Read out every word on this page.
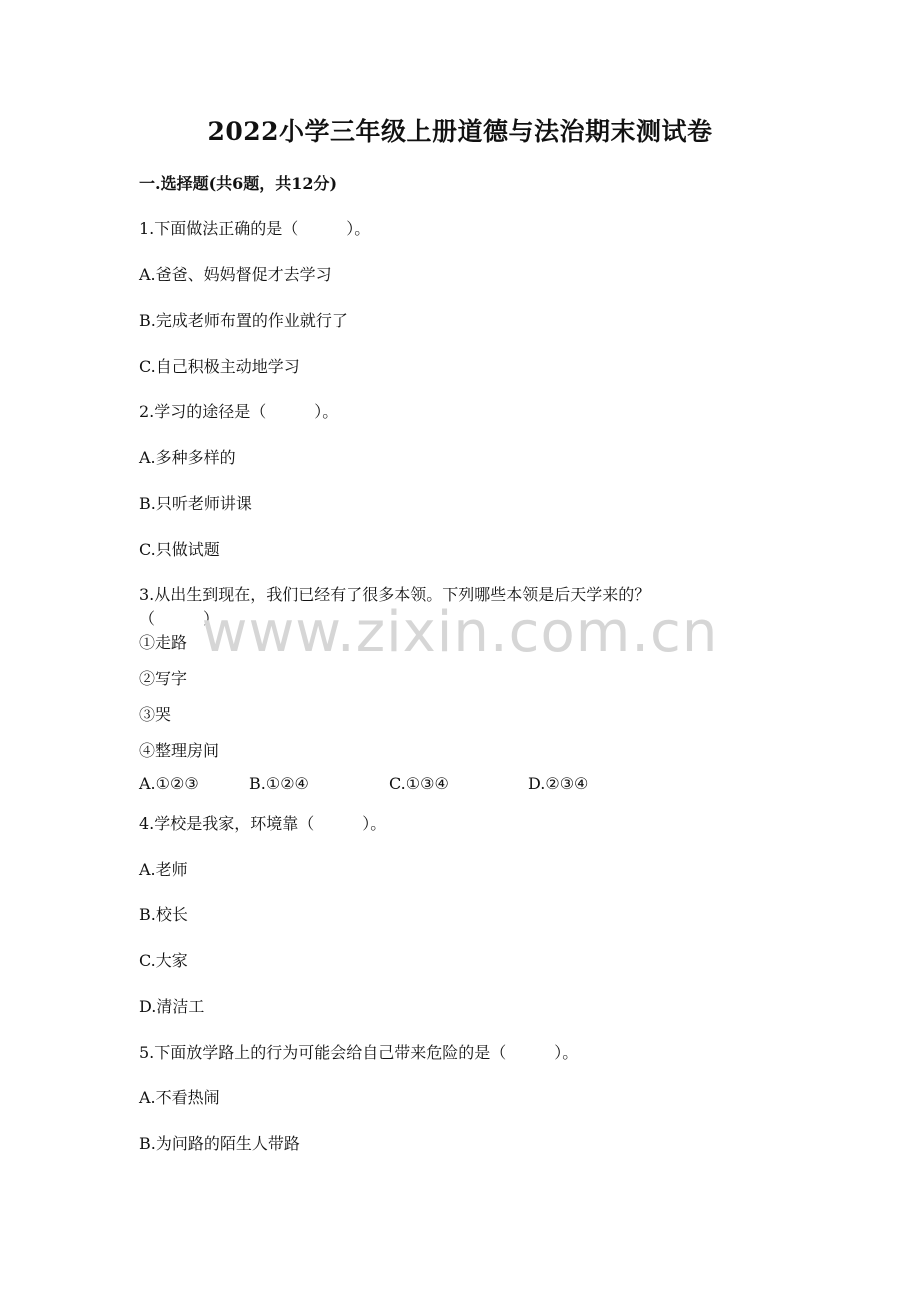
2022小学三年级上册道德与法治期末测试卷
一.选择题(共6题，共12分)
1.下面做法正确的是（　　　）。
A.爸爸、妈妈督促才去学习
B.完成老师布置的作业就行了
C.自己积极主动地学习
2.学习的途径是（　　　）。
A.多种多样的
B.只听老师讲课
C.只做试题
3.从出生到现在，我们已经有了很多本领。下列哪些本领是后天学来的？
（　　　）
①走路
②写字
③哭
④整理房间
A.①②③	B.①②④	C.①③④	D.②③④
4.学校是我家，环境靠（　　　）。
A.老师
B.校长
C.大家
D.清洁工
5.下面放学路上的行为可能会给自己带来危险的是（　　　）。
A.不看热闹
B.为问路的陌生人带路
www.zixin.com.cn
